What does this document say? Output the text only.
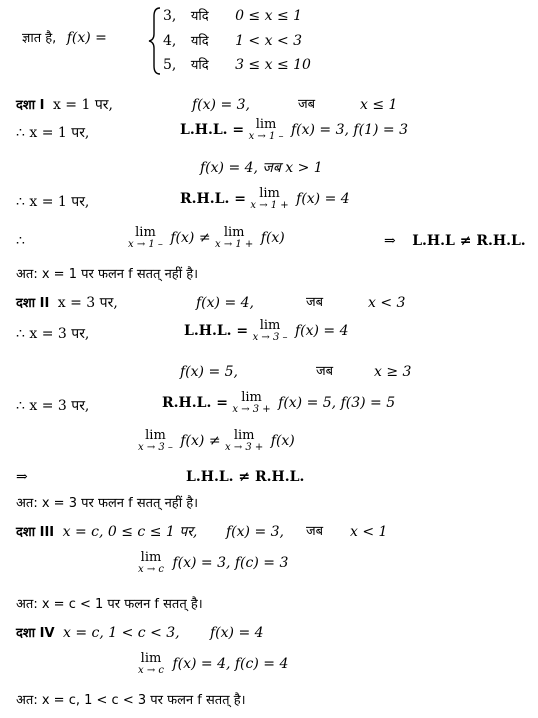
ज्ञात है, f(x) =
3, यदि 0 ≤ x ≤ 1
4, यदि 1 < x < 3
5, यदि 3 ≤ x ≤ 10
दशा I x = 1 पर,	f(x) = 3,	जब	x ≤ 1
∴ x = 1 पर,	L.H.L. = lim
x → 1 – f(x) = 3, f(1) = 3
f(x) = 4, जब x > 1
∴ x = 1 पर,	R.H.L. =	lim
x → 1 + f(x) = 4
∴
lim
x → 1 – f(x) ≠	lim
x → 1 + f(x)	⇒ L.H.L ≠ R.H.L.
अत: x = 1 पर फलन f सतत् नहीं है।
दशा II x = 3 पर,	f(x) = 4,	जब	x < 3
∴ x = 3 पर,	L.H.L. = lim
x → 3 – f(x) = 4
f(x) = 5,	जब	x ≥ 3
∴ x = 3 पर,	R.H.L. =	lim
x → 3 + f(x) = 5, f(3) = 5
lim
x → 3 – f(x) ≠	lim
x → 3 + f(x)
⇒	L.H.L. ≠ R.H.L.
अत: x = 3 पर फलन f सतत् नहीं है।
दशा III x = c, 0 ≤ c ≤ 1 पर, f(x) = 3, जब x < 1
lim
x → c f(x) = 3, f(c) = 3
अत: x = c < 1 पर फलन f सतत् है।
दशा IV x = c, 1 < c < 3, f(x) = 4
lim
x → c f(x) = 4, f(c) = 4
अत: x = c, 1 < c < 3 पर फलन f सतत् है।
